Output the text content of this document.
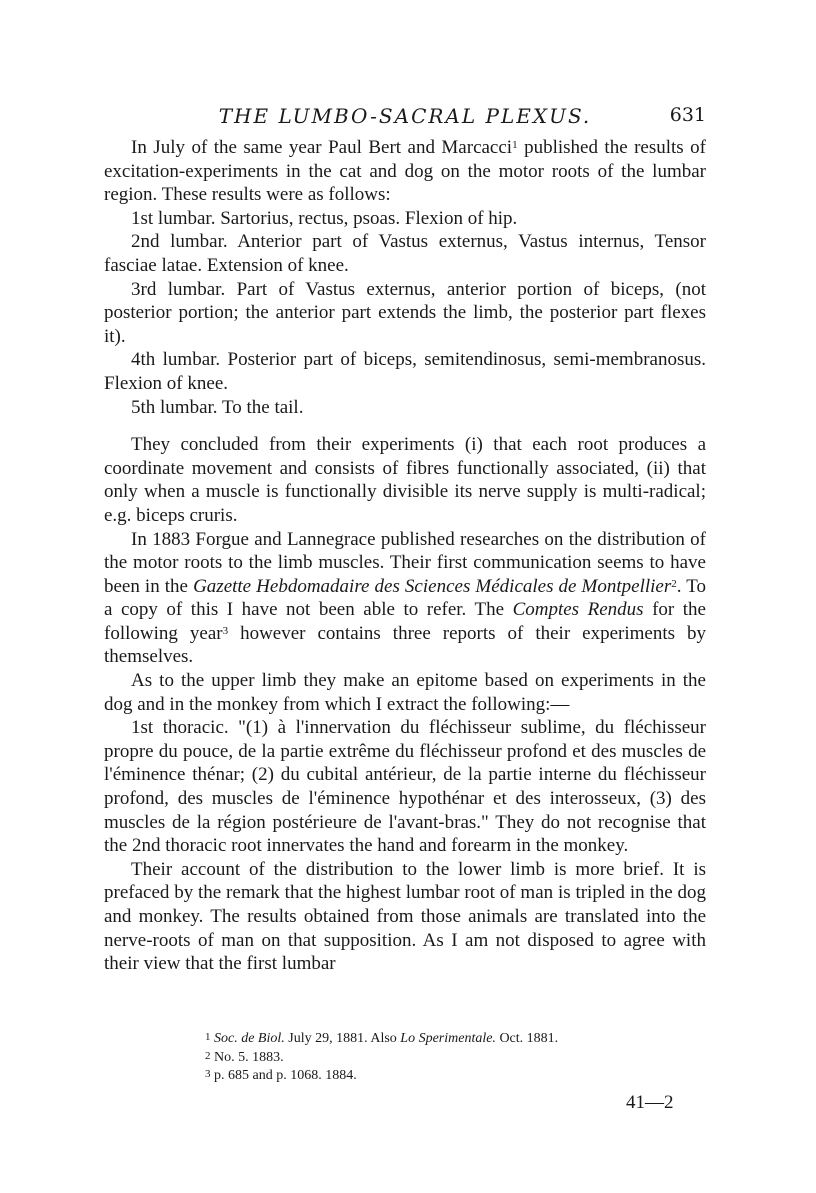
THE LUMBO-SACRAL PLEXUS.	631

In July of the same year Paul Bert and Marcacci$^1$ published the results of excitation-experiments in the cat and dog on the motor roots of the lumbar region. These results were as follows:

1st lumbar. Sartorius, rectus, psoas. Flexion of hip.

2nd lumbar. Anterior part of Vastus externus, Vastus internus, Tensor fasciae latae. Extension of knee.

3rd lumbar. Part of Vastus externus, anterior portion of biceps, (not posterior portion; the anterior part extends the limb, the posterior part flexes it).

4th lumbar. Posterior part of biceps, semitendinosus, semi-membranosus. Flexion of knee.

5th lumbar. To the tail.

They concluded from their experiments (i) that each root produces a coordinate movement and consists of fibres functionally associated, (ii) that only when a muscle is functionally divisible its nerve supply is multi-radical; e.g. biceps cruris.

In 1883 Forgue and Lannegrace published researches on the distribution of the motor roots to the limb muscles. Their first communication seems to have been in the Gazette Hebdomadaire des Sciences Médicales de Montpellier$^2$. To a copy of this I have not been able to refer. The Comptes Rendus for the following year$^3$ however contains three reports of their experiments by themselves.

As to the upper limb they make an epitome based on experiments in the dog and in the monkey from which I extract the following:—

1st thoracic. "(1) à l'innervation du fléchisseur sublime, du fléchisseur propre du pouce, de la partie extrême du fléchisseur profond et des muscles de l'éminence thénar; (2) du cubital antérieur, de la partie interne du fléchisseur profond, des muscles de l'éminence hypothénar et des interosseux, (3) des muscles de la région postérieure de l'avant-bras." They do not recognise that the 2nd thoracic root innervates the hand and forearm in the monkey.

Their account of the distribution to the lower limb is more brief. It is prefaced by the remark that the highest lumbar root of man is tripled in the dog and monkey. The results obtained from those animals are translated into the nerve-roots of man on that supposition. As I am not disposed to agree with their view that the first lumbar

$^1$ Soc. de Biol. July 29, 1881. Also Lo Sperimentale. Oct. 1881.

$^2$ No. 5. 1883.

$^3$ p. 685 and p. 1068. 1884.

41—2
